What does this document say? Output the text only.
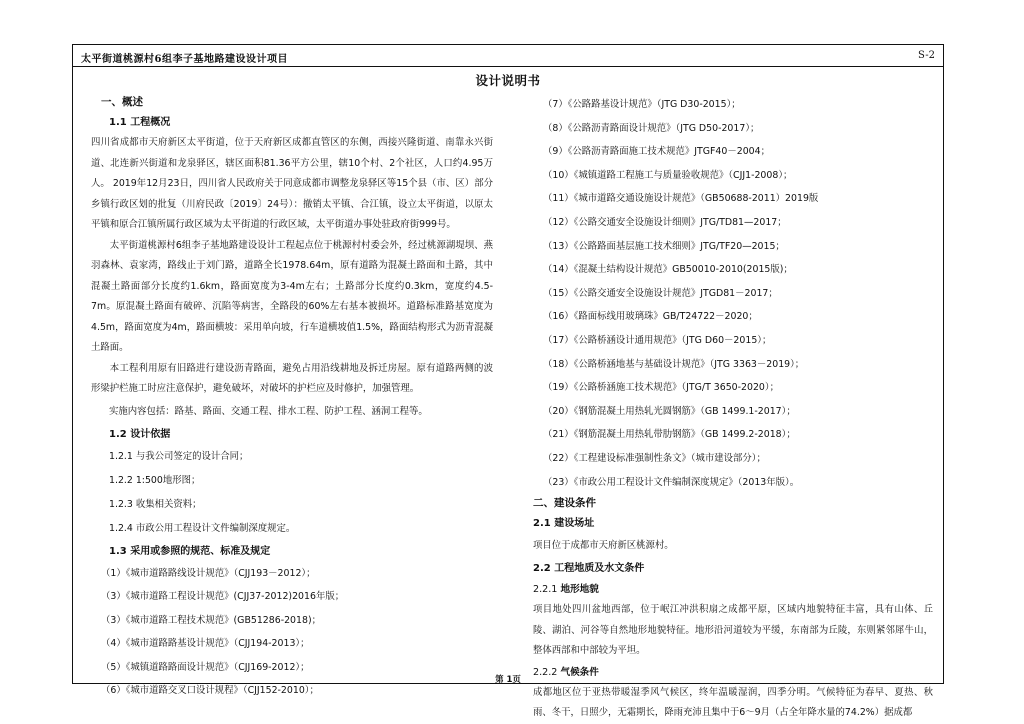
太平街道桃源村6组李子基地路建设设计项目	S-2
设计说明书
一、概述
1.1 工程概况
四川省成都市天府新区太平街道，位于天府新区成都直管区的东侧，西接兴隆街道、南靠永兴街道、北连新兴街道和龙泉驿区，辖区面积81.36平方公里，辖10个村、2个社区，人口约4.95万人。 2019年12月23日，四川省人民政府关于同意成都市调整龙泉驿区等15个县（市、区）部分乡镇行政区划的批复（川府民政〔2019〕24号）：撤销太平镇、合江镇，设立太平街道，以原太平镇和原合江镇所属行政区域为太平街道的行政区域，太平街道办事处驻政府街999号。
太平街道桃源村6组李子基地路建设设计工程起点位于桃源村村委会外，经过桃源湖堤坝、燕羽森林、袁家湾，路线止于刘门路，道路全长1978.64m，原有道路为混凝土路面和土路，其中混凝土路面部分长度约1.6km，路面宽度为3-4m左右；土路部分长度约0.3km，宽度约4.5-7m。原混凝土路面有破碎、沉陷等病害，全路段的60%左右基本被损坏。道路标准路基宽度为4.5m，路面宽度为4m，路面横坡：采用单向坡，行车道横坡值1.5%，路面结构形式为沥青混凝土路面。
本工程利用原有旧路进行建设沥青路面，避免占用沿线耕地及拆迁房屋。原有道路两侧的波形梁护栏施工时应注意保护，避免破坏，对破坏的护栏应及时修护，加强管理。
实施内容包括：路基、路面、交通工程、排水工程、防护工程、涵洞工程等。
1.2 设计依据
1.2.1 与我公司签定的设计合同；
1.2.2 1:500地形图；
1.2.3 收集相关资料；
1.2.4 市政公用工程设计文件编制深度规定。
1.3 采用或参照的规范、标准及规定
（1）《城市道路路线设计规范》（CJJ193－2012）；
（3）《城市道路工程设计规范》(CJJ37-2012)2016年版；
（3）《城市道路工程技术规范》(GB51286-2018)；
（4）《城市道路路基设计规范》（CJJ194-2013）；
（5）《城镇道路路面设计规范》（CJJ169-2012）；
（6）《城市道路交叉口设计规程》（CJJ152-2010）；
（7）《公路路基设计规范》（JTG D30-2015）；
（8）《公路沥青路面设计规范》（JTG D50-2017）；
（9）《公路沥青路面施工技术规范》JTGF40－2004；
（10）《城镇道路工程施工与质量验收规范》（CJJ1-2008）；
（11）《城市道路交通设施设计规范》（GB50688-2011）2019版
（12）《公路交通安全设施设计细则》JTG/TD81—2017；
（13）《公路路面基层施工技术细则》JTG/TF20—2015；
（14）《混凝土结构设计规范》GB50010-2010(2015版)；
（15）《公路交通安全设施设计规范》JTGD81－2017；
（16）《路面标线用玻璃珠》GB/T24722－2020；
（17）《公路桥涵设计通用规范》（JTG D60－2015）；
（18）《公路桥涵地基与基础设计规范》（JTG 3363－2019）；
（19）《公路桥涵施工技术规范》（JTG/T 3650-2020）；
（20）《钢筋混凝土用热轧光圆钢筋》（GB 1499.1-2017）；
（21）《钢筋混凝土用热轧带肋钢筋》（GB 1499.2-2018）；
（22）《工程建设标准强制性条文》（城市建设部分）；
（23）《市政公用工程设计文件编制深度规定》（2013年版）。
二、建设条件
2.1 建设场址
项目位于成都市天府新区桃源村。
2.2 工程地质及水文条件
2.2.1 地形地貌
项目地处四川盆地西部，位于岷江冲洪积扇之成都平原，区域内地貌特征丰富，具有山体、丘陵、湖泊、河谷等自然地形地貌特征。地形沿河道较为平缓，东南部为丘陵，东则紧邻犀牛山，整体西部和中部较为平坦。
2.2.2 气候条件
成都地区位于亚热带暖湿季风气候区，终年温暖湿润，四季分明。气候特征为春早、夏热、秋雨、冬干，日照少，无霜期长，降雨充沛且集中于6～9月（占全年降水量的74.2%）据成都
第 1页
